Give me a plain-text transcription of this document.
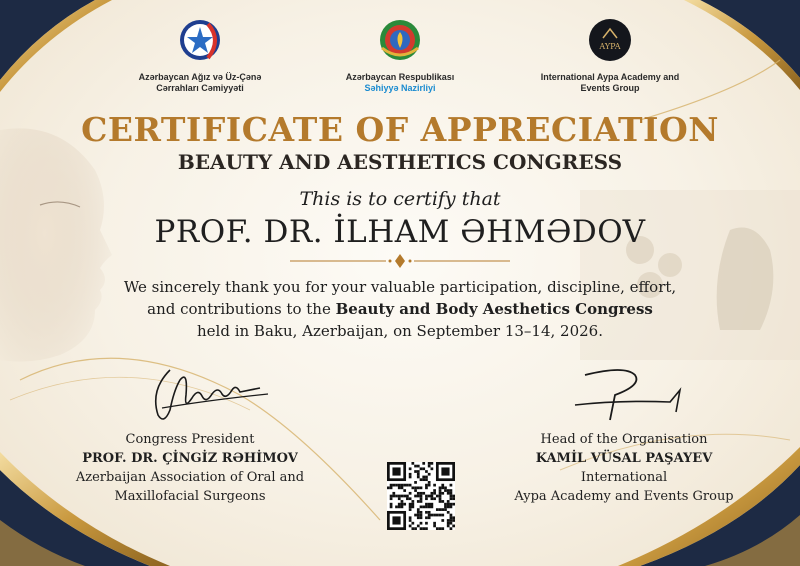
Azərbaycan Ağız və Üz-Çənə
Cərrahları Cəmiyyəti
Azərbaycan Respublikası
Səhiyyə Nazirliyi
AYPA
International Aypa Academy and
Events Group
CERTIFICATE OF APPRECIATION
BEAUTY AND AESTHETICS CONGRESS
This is to certify that
PROF. DR. İLHAM ƏHMƏDOV
We sincerely thank you for your valuable participation, discipline, effort,
and contributions to the Beauty and Body Aesthetics Congress
held in Baku, Azerbaijan, on September 13–14, 2026.
Congress President
PROF. DR. ÇİNGİZ RƏHİMOV
Azerbaijan Association of Oral and
Maxillofacial Surgeons
Head of the Organisation
KAMİL VÜSAL PAŞAYEV
International
Aypa Academy and Events Group
